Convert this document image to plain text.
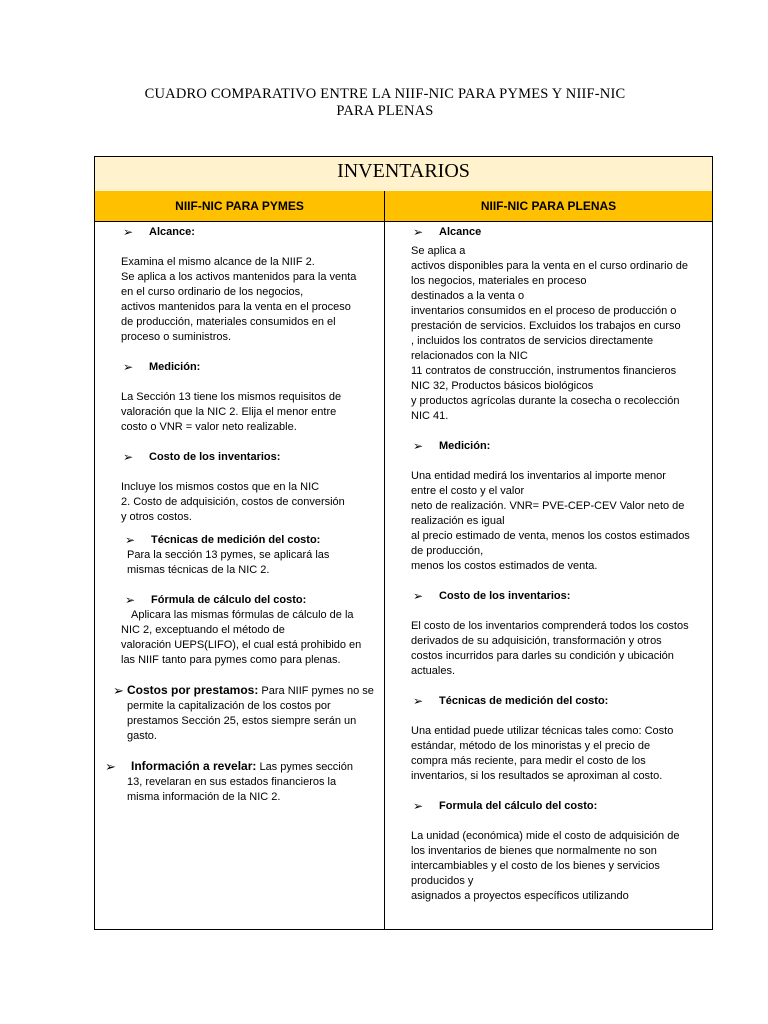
CUADRO COMPARATIVO ENTRE LA NIIF-NIC PARA PYMES Y NIIF-NIC
PARA PLENAS
INVENTARIOS
NIIF-NIC PARA PYMES	NIIF-NIC PARA PLENAS
➢	Alcance:
Examina el mismo alcance de la NIIF 2.
Se aplica a los activos mantenidos para la venta
en el curso ordinario de los negocios,
activos mantenidos para la venta en el proceso
de producción, materiales consumidos en el
proceso o suministros.
➢	Medición:
La Sección 13 tiene los mismos requisitos de
valoración que la NIC 2. Elija el menor entre
costo o VNR = valor neto realizable.
➢	Costo de los inventarios:
Incluye los mismos costos que en la NIC
2. Costo de adquisición, costos de conversión
y otros costos.
➢	Técnicas de medición del costo:
Para la sección 13 pymes, se aplicará las
mismas técnicas de la NIC 2.
➢	Fórmula de cálculo del costo:
Aplicara las mismas fórmulas de cálculo de la
NIC 2, exceptuando el método de
valoración UEPS(LIFO), el cual está prohibido en
las NIIF tanto para pymes como para plenas.
➢ Costos por prestamos: Para NIIF pymes no se
permite la capitalización de los costos por
prestamos Sección 25, estos siempre serán un
gasto.
➢	Información a revelar: Las pymes sección
13, revelaran en sus estados financieros la
misma información de la NIC 2.
➢	Alcance
Se aplica a
activos disponibles para la venta en el curso ordinario de
los negocios, materiales en proceso
destinados a la venta o
inventarios consumidos en el proceso de producción o
prestación de servicios. Excluidos los trabajos en curso
, incluidos los contratos de servicios directamente
relacionados con la NIC
11 contratos de construcción, instrumentos financieros
NIC 32, Productos básicos biológicos
y productos agrícolas durante la cosecha o recolección
NIC 41.
➢	Medición:
Una entidad medirá los inventarios al importe menor
entre el costo y el valor
neto de realización. VNR= PVE-CEP-CEV Valor neto de
realización es igual
al precio estimado de venta, menos los costos estimados
de producción,
menos los costos estimados de venta.
➢	Costo de los inventarios:
El costo de los inventarios comprenderá todos los costos
derivados de su adquisición, transformación y otros
costos incurridos para darles su condición y ubicación
actuales.
➢	Técnicas de medición del costo:
Una entidad puede utilizar técnicas tales como: Costo
estándar, método de los minoristas y el precio de
compra más reciente, para medir el costo de los
inventarios, si los resultados se aproximan al costo.
➢	Formula del cálculo del costo:
La unidad (económica) mide el costo de adquisición de
los inventarios de bienes que normalmente no son
intercambiables y el costo de los bienes y servicios
producidos y
asignados a proyectos específicos utilizando
